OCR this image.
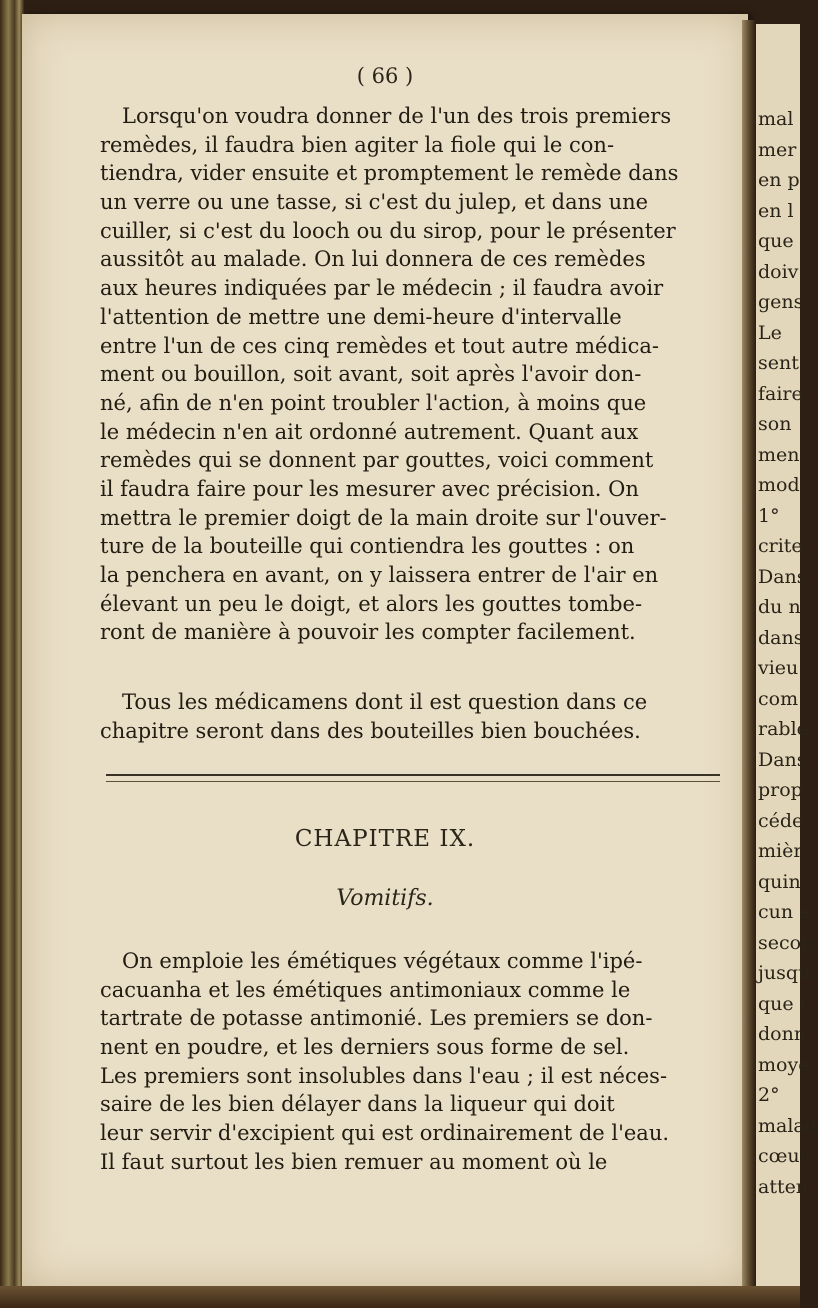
( 66 )
Lorsqu'on voudra donner de l'un des trois premiers
remèdes, il faudra bien agiter la fiole qui le con-
tiendra, vider ensuite et promptement le remède dans
un verre ou une tasse, si c'est du julep, et dans une
cuiller, si c'est du looch ou du sirop, pour le présenter
aussitôt au malade. On lui donnera de ces remèdes
aux heures indiquées par le médecin ; il faudra avoir
l'attention de mettre une demi-heure d'intervalle
entre l'un de ces cinq remèdes et tout autre médica-
ment ou bouillon, soit avant, soit après l'avoir don-
né, afin de n'en point troubler l'action, à moins que
le médecin n'en ait ordonné autrement. Quant aux
remèdes qui se donnent par gouttes, voici comment
il faudra faire pour les mesurer avec précision. On
mettra le premier doigt de la main droite sur l'ouver-
ture de la bouteille qui contiendra les gouttes : on
la penchera en avant, on y laissera entrer de l'air en
élevant un peu le doigt, et alors les gouttes tombe-
ront de manière à pouvoir les compter facilement.
Tous les médicamens dont il est question dans ce
chapitre seront dans des bouteilles bien bouchées.
CHAPITRE IX.
Vomitifs.
On emploie les émétiques végétaux comme l'ipé-
cacuanha et les émétiques antimoniaux comme le
tartrate de potasse antimonié. Les premiers se don-
nent en poudre, et les derniers sous forme de sel.
Les premiers sont insolubles dans l'eau ; il est néces-
saire de les bien délayer dans la liqueur qui doit
leur servir d'excipient qui est ordinairement de l'eau.
Il faut surtout les bien remuer au moment où le
mal
mer
en p
en l
que
doiv
gens
Le
sent
faire
son
men
mod
1°
crite
Dans
du n
dans
vieu
com
rable
Dans
prop
céde
mièr
quin
cun e
secon
jusqu
que l
donn
moye
2°
malad
cœur
atten
